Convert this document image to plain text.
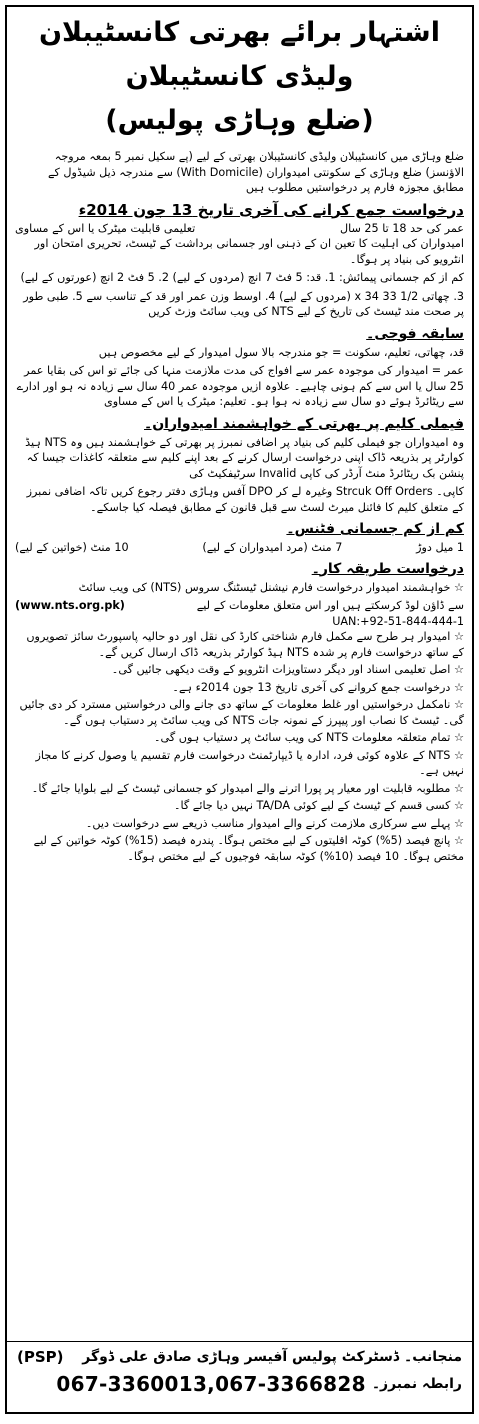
اشتہار برائے بھرتی کانسٹیبلان ولیڈی کانسٹیبلان
(ضلع وہاڑی پولیس)

ضلع وہاڑی میں کانسٹیبلان ولیڈی کانسٹیبلان بھرتی کے لیے (پے سکیل نمبر 5 بمعہ مروجہ الاؤنسز) ضلع وہاڑی کے سکونتی امیدواران (With Domicile) سے مندرجہ ذیل شیڈول کے مطابق مجوزہ فارم پر درخواستیں مطلوب ہیں

درخواست جمع کرانے کی آخری تاریخ 13 جون 2014ء
عمر کی حد 18 تا 25 سال
تعلیمی قابلیت میٹرک یا اس کے مساوی

امیدواران کی اہلیت کا تعین ان کے ذہنی اور جسمانی برداشت کے ٹیسٹ، تحریری امتحان اور انٹرویو کی بنیاد پر ہوگا۔

کم از کم جسمانی پیمائش: 1. قد: 5 فٹ 7 انچ (مردوں کے لیے) 2. 5 فٹ 2 انچ (عورتوں کے لیے)

3. چھاتی 1/2 33 x 34 (مردوں کے لیے) 4. اوسط وزن عمر اور قد کے تناسب سے 5. طبی طور پر صحت مند ٹیسٹ کی تاریخ کے لیے NTS کی ویب سائٹ وزٹ کریں

سابقہ فوجی۔

قد، چھاتی، تعلیم، سکونت = جو مندرجہ بالا سول امیدوار کے لیے مخصوص ہیں

عمر = امیدوار کی موجودہ عمر سے افواج کی مدت ملازمت منہا کی جائے تو اس کی بقایا عمر 25 سال یا اس سے کم ہونی چاہیے۔ علاوہ ازیں موجودہ عمر 40 سال سے زیادہ نہ ہو اور ادارے سے ریٹائرڈ ہوئے دو سال سے زیادہ نہ ہوا ہو۔ تعلیم: میٹرک یا اس کے مساوی

فیملی کلیم پر بھرتی کے خواہشمند امیدواران۔

وہ امیدواران جو فیملی کلیم کی بنیاد پر اضافی نمبرز پر بھرتی کے خواہشمند ہیں وہ NTS ہیڈ کوارٹر پر بذریعہ ڈاک اپنی درخواست ارسال کرنے کے بعد اپنے کلیم سے متعلقہ کاغذات جیسا کہ پنشن بک ریٹائرڈ منٹ آرڈر کی کاپی Invalid سرٹیفکیٹ کی

کاپی۔ Strcuk Off Orders وغیرہ لے کر DPO آفس وہاڑی دفتر رجوع کریں تاکہ اضافی نمبرز کے متعلق کلیم کا فائنل میرٹ لسٹ سے قبل قانون کے مطابق فیصلہ کیا جاسکے۔

کم از کم جسمانی فٹنس۔
1 میل دوڑ
7 منٹ (مرد امیدواران کے لیے)
10 منٹ (خواتین کے لیے)
درخواست طریقہ کار۔

☆ خواہشمند امیدوار درخواست فارم نیشنل ٹیسٹنگ سروس (NTS) کی ویب سائٹ

سے ڈاؤن لوڈ کرسکتے ہیں اور اس متعلق معلومات کے لیے
(www.nts.org.pk)
UAN:+92-51-844-444-1

☆ امیدوار ہر طرح سے مکمل فارم شناختی کارڈ کی نقل اور دو حالیہ پاسپورٹ سائز تصویروں کے ساتھ درخواست فارم پر شدہ NTS ہیڈ کوارٹر بذریعہ ڈاک ارسال کریں گے۔

☆ اصل تعلیمی اسناد اور دیگر دستاویزات انٹرویو کے وقت دیکھی جائیں گی۔

☆ درخواست جمع کروانے کی آخری تاریخ 13 جون 2014ء ہے۔

☆ نامکمل درخواستیں اور غلط معلومات کے ساتھ دی جانے والی درخواستیں مسترد کر دی جائیں گی۔ ٹیسٹ کا نصاب اور پیپرز کے نمونہ جات NTS کی ویب سائٹ پر دستیاب ہوں گے۔

☆ تمام متعلقہ معلومات NTS کی ویب سائٹ پر دستیاب ہوں گی۔

☆ NTS کے علاوہ کوئی فرد، ادارہ یا ڈیپارٹمنٹ درخواست فارم تقسیم یا وصول کرنے کا مجاز نہیں ہے۔

☆ مطلوبہ قابلیت اور معیار پر پورا اترنے والے امیدوار کو جسمانی ٹیسٹ کے لیے بلوایا جائے گا۔

☆ کسی قسم کے ٹیسٹ کے لیے کوئی TA/DA نہیں دیا جائے گا۔

☆ پہلے سے سرکاری ملازمت کرنے والے امیدوار مناسب ذریعے سے درخواست دیں۔

☆ پانچ فیصد (5%) کوٹہ اقلیتوں کے لیے مختص ہوگا۔ پندرہ فیصد (15%) کوٹہ خواتین کے لیے مختص ہوگا۔ 10 فیصد (10%) کوٹہ سابقہ فوجیوں کے لیے مختص ہوگا۔

منجانب۔ ڈسٹرکٹ پولیس آفیسر وہاڑی صادق علی ڈوگر
(PSP)
رابطہ نمبرز۔
067-3360013,067-3366828
